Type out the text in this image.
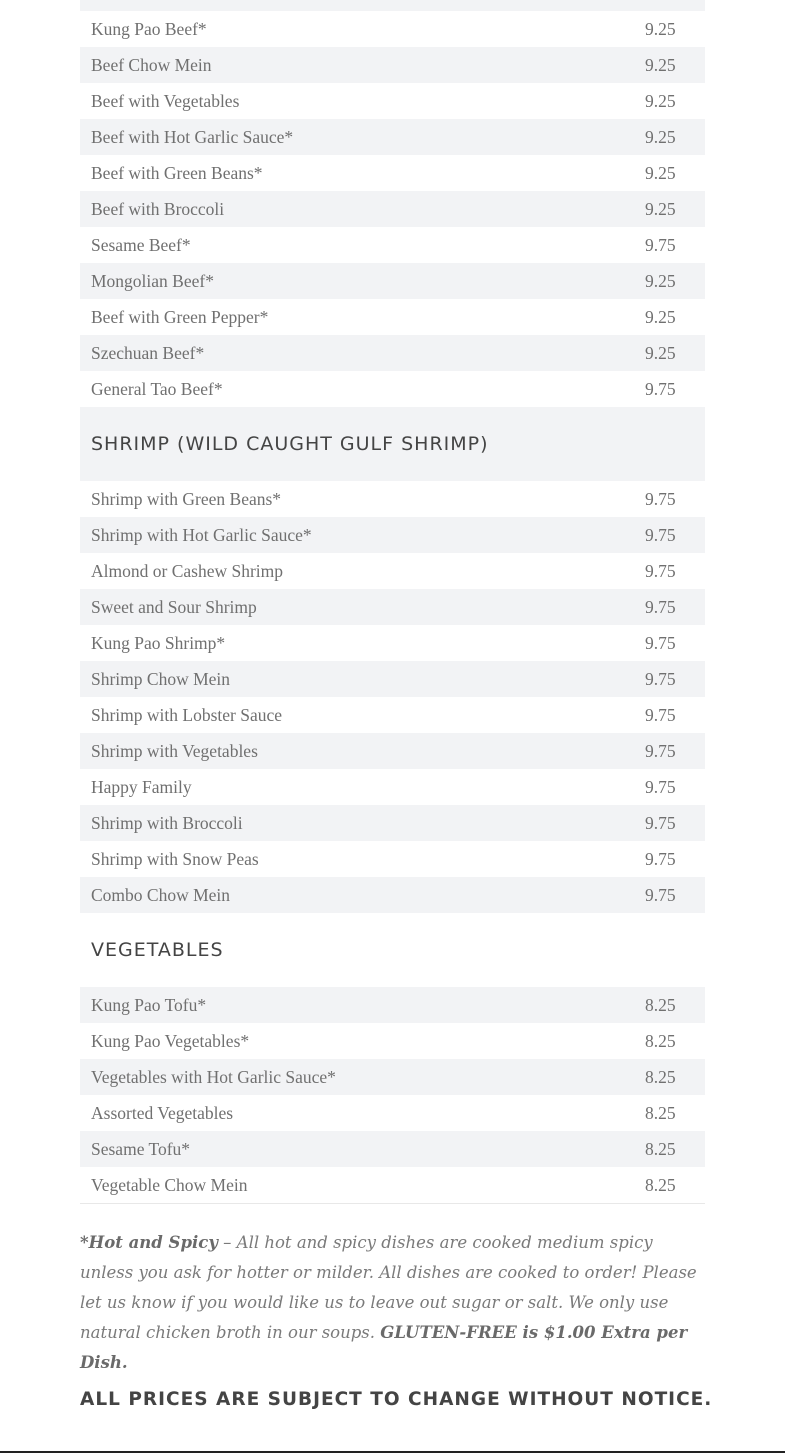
Kung Pao Beef*	9.25
Beef Chow Mein	9.25
Beef with Vegetables	9.25
Beef with Hot Garlic Sauce*	9.25
Beef with Green Beans*	9.25
Beef with Broccoli	9.25
Sesame Beef*	9.75
Mongolian Beef*	9.25
Beef with Green Pepper*	9.25
Szechuan Beef*	9.25
General Tao Beef*	9.75
SHRIMP (WILD CAUGHT GULF SHRIMP)
Shrimp with Green Beans*	9.75
Shrimp with Hot Garlic Sauce*	9.75
Almond or Cashew Shrimp	9.75
Sweet and Sour Shrimp	9.75
Kung Pao Shrimp*	9.75
Shrimp Chow Mein	9.75
Shrimp with Lobster Sauce	9.75
Shrimp with Vegetables	9.75
Happy Family	9.75
Shrimp with Broccoli	9.75
Shrimp with Snow Peas	9.75
Combo Chow Mein	9.75
VEGETABLES
Kung Pao Tofu*	8.25
Kung Pao Vegetables*	8.25
Vegetables with Hot Garlic Sauce*	8.25
Assorted Vegetables	8.25
Sesame Tofu*	8.25
Vegetable Chow Mein	8.25
*Hot and Spicy – All hot and spicy dishes are cooked medium spicy unless you ask for hotter or milder. All dishes are cooked to order! Please let us know if you would like us to leave out sugar or salt. We only use natural chicken broth in our soups. GLUTEN-FREE is $1.00 Extra per Dish.
ALL PRICES ARE SUBJECT TO CHANGE WITHOUT NOTICE.
